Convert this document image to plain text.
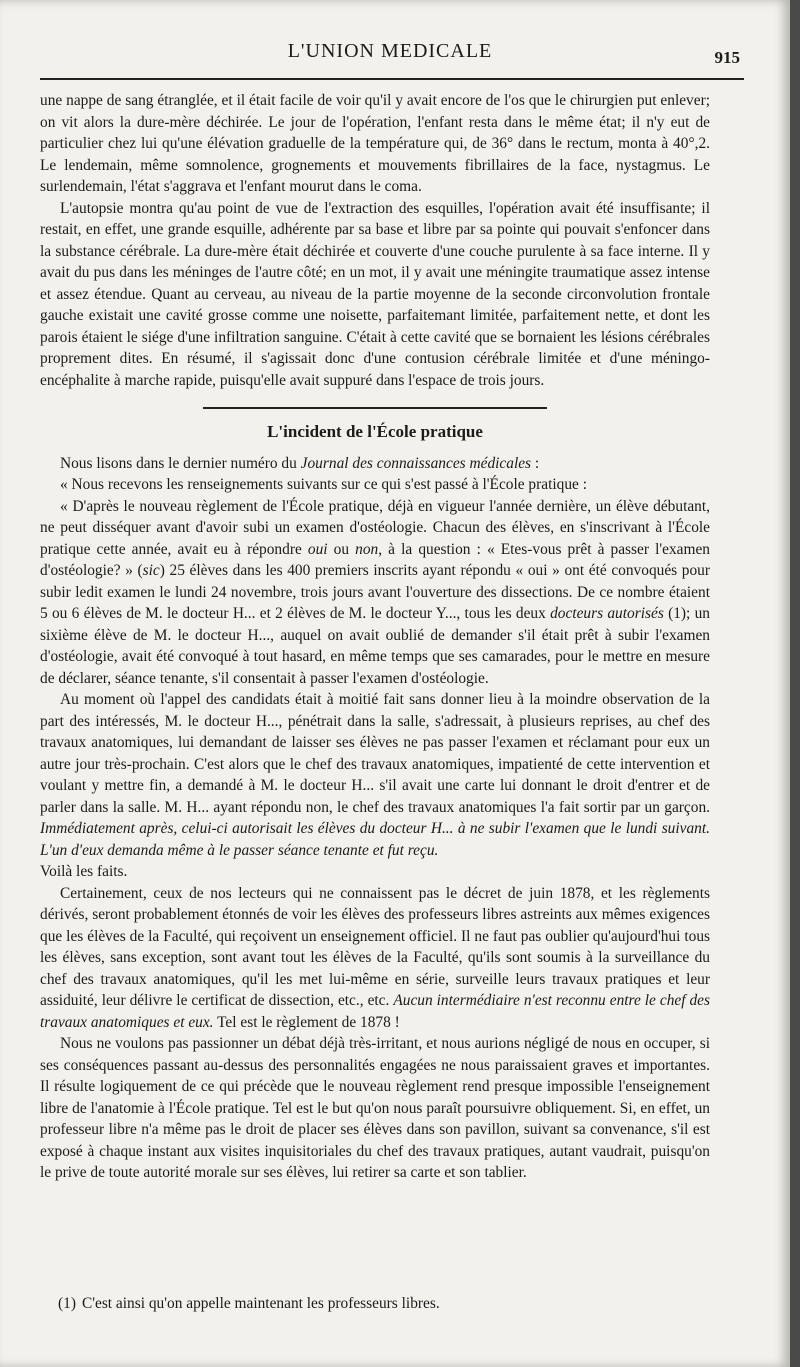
L'UNION MEDICALE	915

une nappe de sang étranglée, et il était facile de voir qu'il y avait encore de l'os que le chirurgien put enlever; on vit alors la dure-mère déchirée. Le jour de l'opération, l'enfant resta dans le même état; il n'y eut de particulier chez lui qu'une élévation graduelle de la température qui, de 36° dans le rectum, monta à 40°,2. Le lendemain, même somnolence, grognements et mouvements fibrillaires de la face, nystagmus. Le surlendemain, l'état s'aggrava et l'enfant mourut dans le coma.

L'autopsie montra qu'au point de vue de l'extraction des esquilles, l'opération avait été insuffisante; il restait, en effet, une grande esquille, adhérente par sa base et libre par sa pointe qui pouvait s'enfoncer dans la substance cérébrale. La dure-mère était déchirée et couverte d'une couche purulente à sa face interne. Il y avait du pus dans les méninges de l'autre côté; en un mot, il y avait une méningite traumatique assez intense et assez étendue. Quant au cerveau, au niveau de la partie moyenne de la seconde circonvolution frontale gauche existait une cavité grosse comme une noisette, parfaitemant limitée, parfaitement nette, et dont les parois étaient le siége d'une infiltration sanguine. C'était à cette cavité que se bornaient les lésions cérébrales proprement dites. En résumé, il s'agissait donc d'une contusion cérébrale limitée et d'une méningo-encéphalite à marche rapide, puisqu'elle avait suppuré dans l'espace de trois jours.

L'incident de l'École pratique

Nous lisons dans le dernier numéro du Journal des connaissances médicales :

« Nous recevons les renseignements suivants sur ce qui s'est passé à l'École pratique :

« D'après le nouveau règlement de l'École pratique, déjà en vigueur l'année dernière, un élève débutant, ne peut disséquer avant d'avoir subi un examen d'ostéologie. Chacun des élèves, en s'inscrivant à l'École pratique cette année, avait eu à répondre oui ou non, à la question : « Etes-vous prêt à passer l'examen d'ostéologie? » (sic) 25 élèves dans les 400 premiers inscrits ayant répondu « oui » ont été convoqués pour subir ledit examen le lundi 24 novembre, trois jours avant l'ouverture des dissections. De ce nombre étaient 5 ou 6 élèves de M. le docteur H... et 2 élèves de M. le docteur Y..., tous les deux docteurs autorisés (1); un sixième élève de M. le docteur H..., auquel on avait oublié de demander s'il était prêt à subir l'examen d'ostéologie, avait été convoqué à tout hasard, en même temps que ses camarades, pour le mettre en mesure de déclarer, séance tenante, s'il consentait à passer l'examen d'ostéologie.

Au moment où l'appel des candidats était à moitié fait sans donner lieu à la moindre observation de la part des intéressés, M. le docteur H..., pénétrait dans la salle, s'adressait, à plusieurs reprises, au chef des travaux anatomiques, lui demandant de laisser ses élèves ne pas passer l'examen et réclamant pour eux un autre jour très-prochain. C'est alors que le chef des travaux anatomiques, impatienté de cette intervention et voulant y mettre fin, a demandé à M. le docteur H... s'il avait une carte lui donnant le droit d'entrer et de parler dans la salle. M. H... ayant répondu non, le chef des travaux anatomiques l'a fait sortir par un garçon. Immédiatement après, celui-ci autorisait les élèves du docteur H... à ne subir l'examen que le lundi suivant. L'un d'eux demanda même à le passer séance tenante et fut reçu.

Voilà les faits.

Certainement, ceux de nos lecteurs qui ne connaissent pas le décret de juin 1878, et les règlements dérivés, seront probablement étonnés de voir les élèves des professeurs libres astreints aux mêmes exigences que les élèves de la Faculté, qui reçoivent un enseignement officiel. Il ne faut pas oublier qu'aujourd'hui tous les élèves, sans exception, sont avant tout les élèves de la Faculté, qu'ils sont soumis à la surveillance du chef des travaux anatomiques, qu'il les met lui-même en série, surveille leurs travaux pratiques et leur assiduité, leur délivre le certificat de dissection, etc., etc. Aucun intermédiaire n'est reconnu entre le chef des travaux anatomiques et eux. Tel est le règlement de 1878 !

Nous ne voulons pas passionner un débat déjà très-irritant, et nous aurions négligé de nous en occuper, si ses conséquences passant au-dessus des personnalités engagées ne nous paraissaient graves et importantes. Il résulte logiquement de ce qui précède que le nouveau règlement rend presque impossible l'enseignement libre de l'anatomie à l'École pratique. Tel est le but qu'on nous paraît poursuivre obliquement. Si, en effet, un professeur libre n'a même pas le droit de placer ses élèves dans son pavillon, suivant sa convenance, s'il est exposé à chaque instant aux visites inquisitoriales du chef des travaux pratiques, autant vaudrait, puisqu'on le prive de toute autorité morale sur ses élèves, lui retirer sa carte et son tablier.

(1) C'est ainsi qu'on appelle maintenant les professeurs libres.
